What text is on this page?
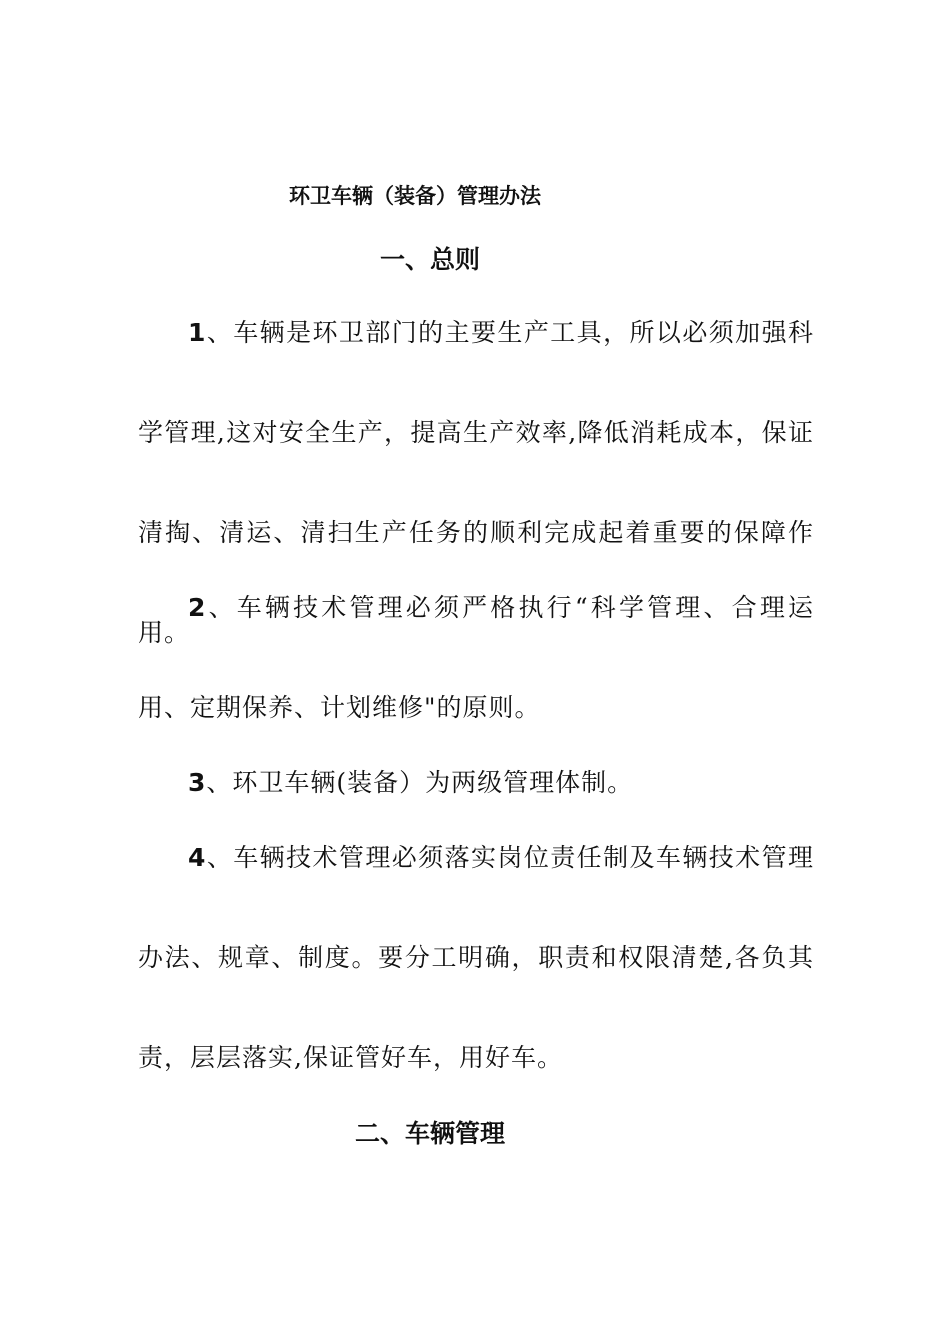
环卫车辆（装备）管理办法
一、总则

1、车辆是环卫部门的主要生产工具，所以必须加强科学管理,这对安全生产，提高生产效率,降低消耗成本，保证清掏、清运、清扫生产任务的顺利完成起着重要的保障作用。

2、车辆技术管理必须严格执行“科学管理、合理运用、定期保养、计划维修"的原则。

3、环卫车辆(装备）为两级管理体制。

4、车辆技术管理必须落实岗位责任制及车辆技术管理办法、规章、制度。要分工明确，职责和权限清楚,各负其责，层层落实,保证管好车，用好车。

二、车辆管理
